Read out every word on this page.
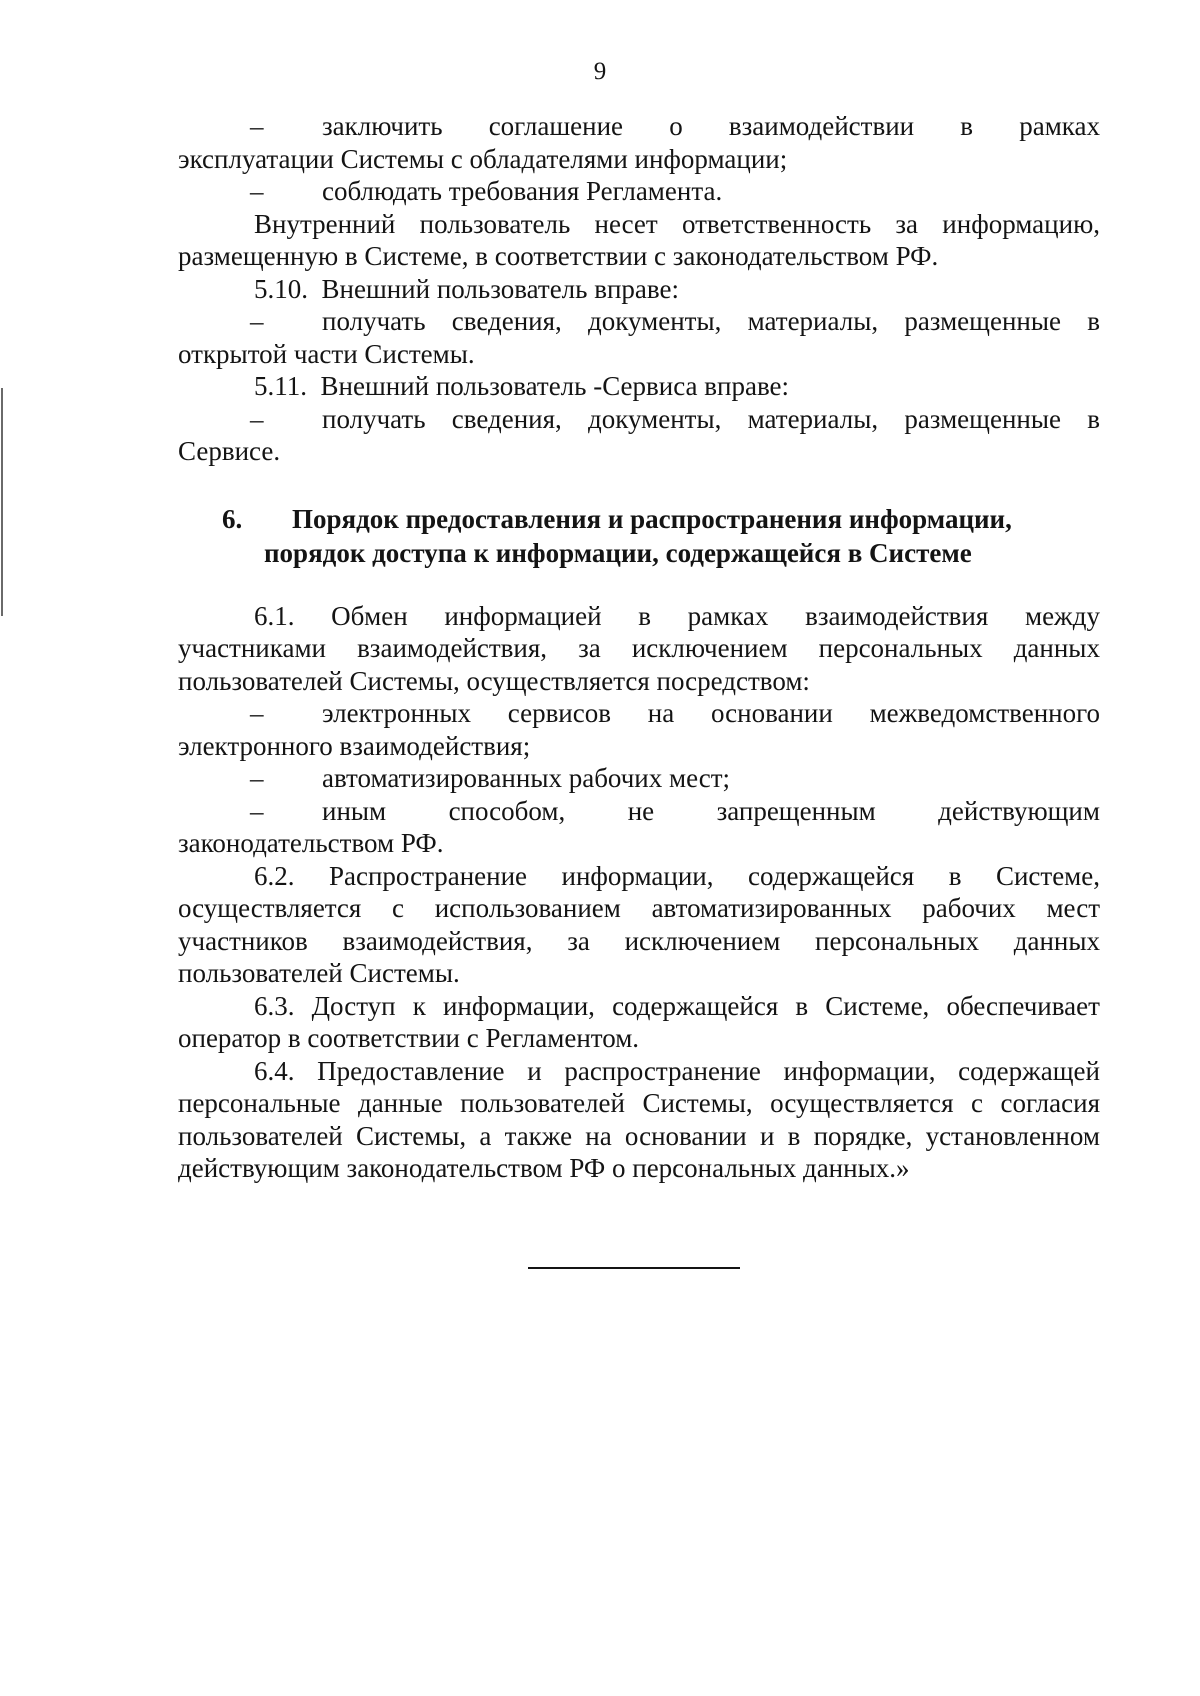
9
–	заключить соглашение о взаимодействии в рамках
эксплуатации Системы с обладателями информации;
–	соблюдать требования Регламента.
Внутренний пользователь несет ответственность за информацию,
размещенную в Системе, в соответствии с законодательством РФ.
5.10.  Внешний пользователь вправе:
–	получать сведения, документы, материалы, размещенные в
открытой части Системы.
5.11.  Внешний пользователь -Сервиса вправе:
–	получать сведения, документы, материалы, размещенные в
Сервисе.
6.	Порядок предоставления и распространения информации,
порядок доступа к информации, содержащейся в Системе
6.1. Обмен информацией в рамках взаимодействия между
участниками взаимодействия, за исключением персональных данных
пользователей Системы, осуществляется посредством:
–	электронных сервисов на основании межведомственного
электронного взаимодействия;
–	автоматизированных рабочих мест;
–	иным способом, не запрещенным действующим
законодательством РФ.
6.2. Распространение информации, содержащейся в Системе,
осуществляется с использованием автоматизированных рабочих мест
участников взаимодействия, за исключением персональных данных
пользователей Системы.
6.3. Доступ к информации, содержащейся в Системе, обеспечивает
оператор в соответствии с Регламентом.
6.4. Предоставление и распространение информации, содержащей
персональные данные пользователей Системы, осуществляется с согласия
пользователей Системы, а также на основании и в порядке, установленном
действующим законодательством РФ о персональных данных.»
